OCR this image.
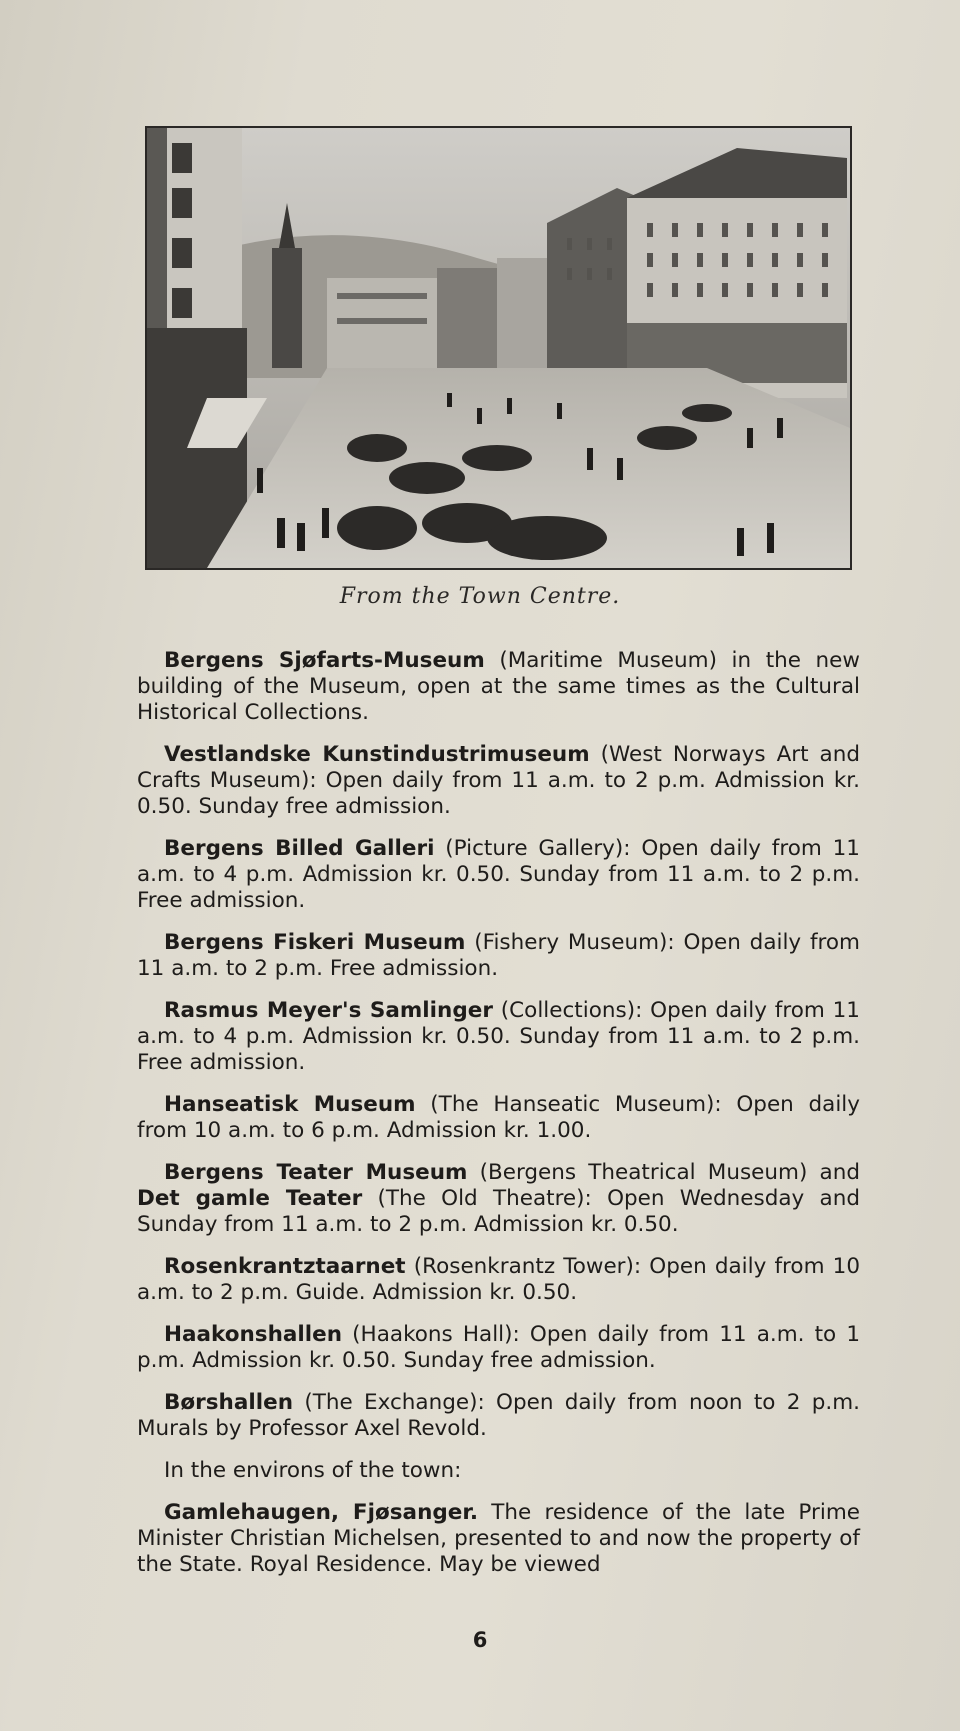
From the Town Centre.

Bergens Sjøfarts-Museum (Maritime Museum) in the new building of the Museum, open at the same times as the Cultural Historical Collections.

Vestlandske Kunstindustrimuseum (West Norways Art and Crafts Museum): Open daily from 11 a.m. to 2 p.m. Admission kr. 0.50. Sunday free admission.

Bergens Billed Galleri (Picture Gallery): Open daily from 11 a.m. to 4 p.m. Admission kr. 0.50. Sunday from 11 a.m. to 2 p.m. Free admission.

Bergens Fiskeri Museum (Fishery Museum): Open daily from 11 a.m. to 2 p.m. Free admission.

Rasmus Meyer's Samlinger (Collections): Open daily from 11 a.m. to 4 p.m. Admission kr. 0.50. Sunday from 11 a.m. to 2 p.m. Free admission.

Hanseatisk Museum (The Hanseatic Museum): Open daily from 10 a.m. to 6 p.m. Admission kr. 1.00.

Bergens Teater Museum (Bergens Theatrical Museum) and Det gamle Teater (The Old Theatre): Open Wednesday and Sunday from 11 a.m. to 2 p.m. Admission kr. 0.50.

Rosenkrantztaarnet (Rosenkrantz Tower): Open daily from 10 a.m. to 2 p.m. Guide. Admission kr. 0.50.

Haakonshallen (Haakons Hall): Open daily from 11 a.m. to 1 p.m. Admission kr. 0.50. Sunday free admission.

Børshallen (The Exchange): Open daily from noon to 2 p.m. Murals by Professor Axel Revold.

In the environs of the town:

Gamlehaugen, Fjøsanger. The residence of the late Prime Minister Christian Michelsen, presented to and now the property of the State. Royal Residence. May be viewed

6
